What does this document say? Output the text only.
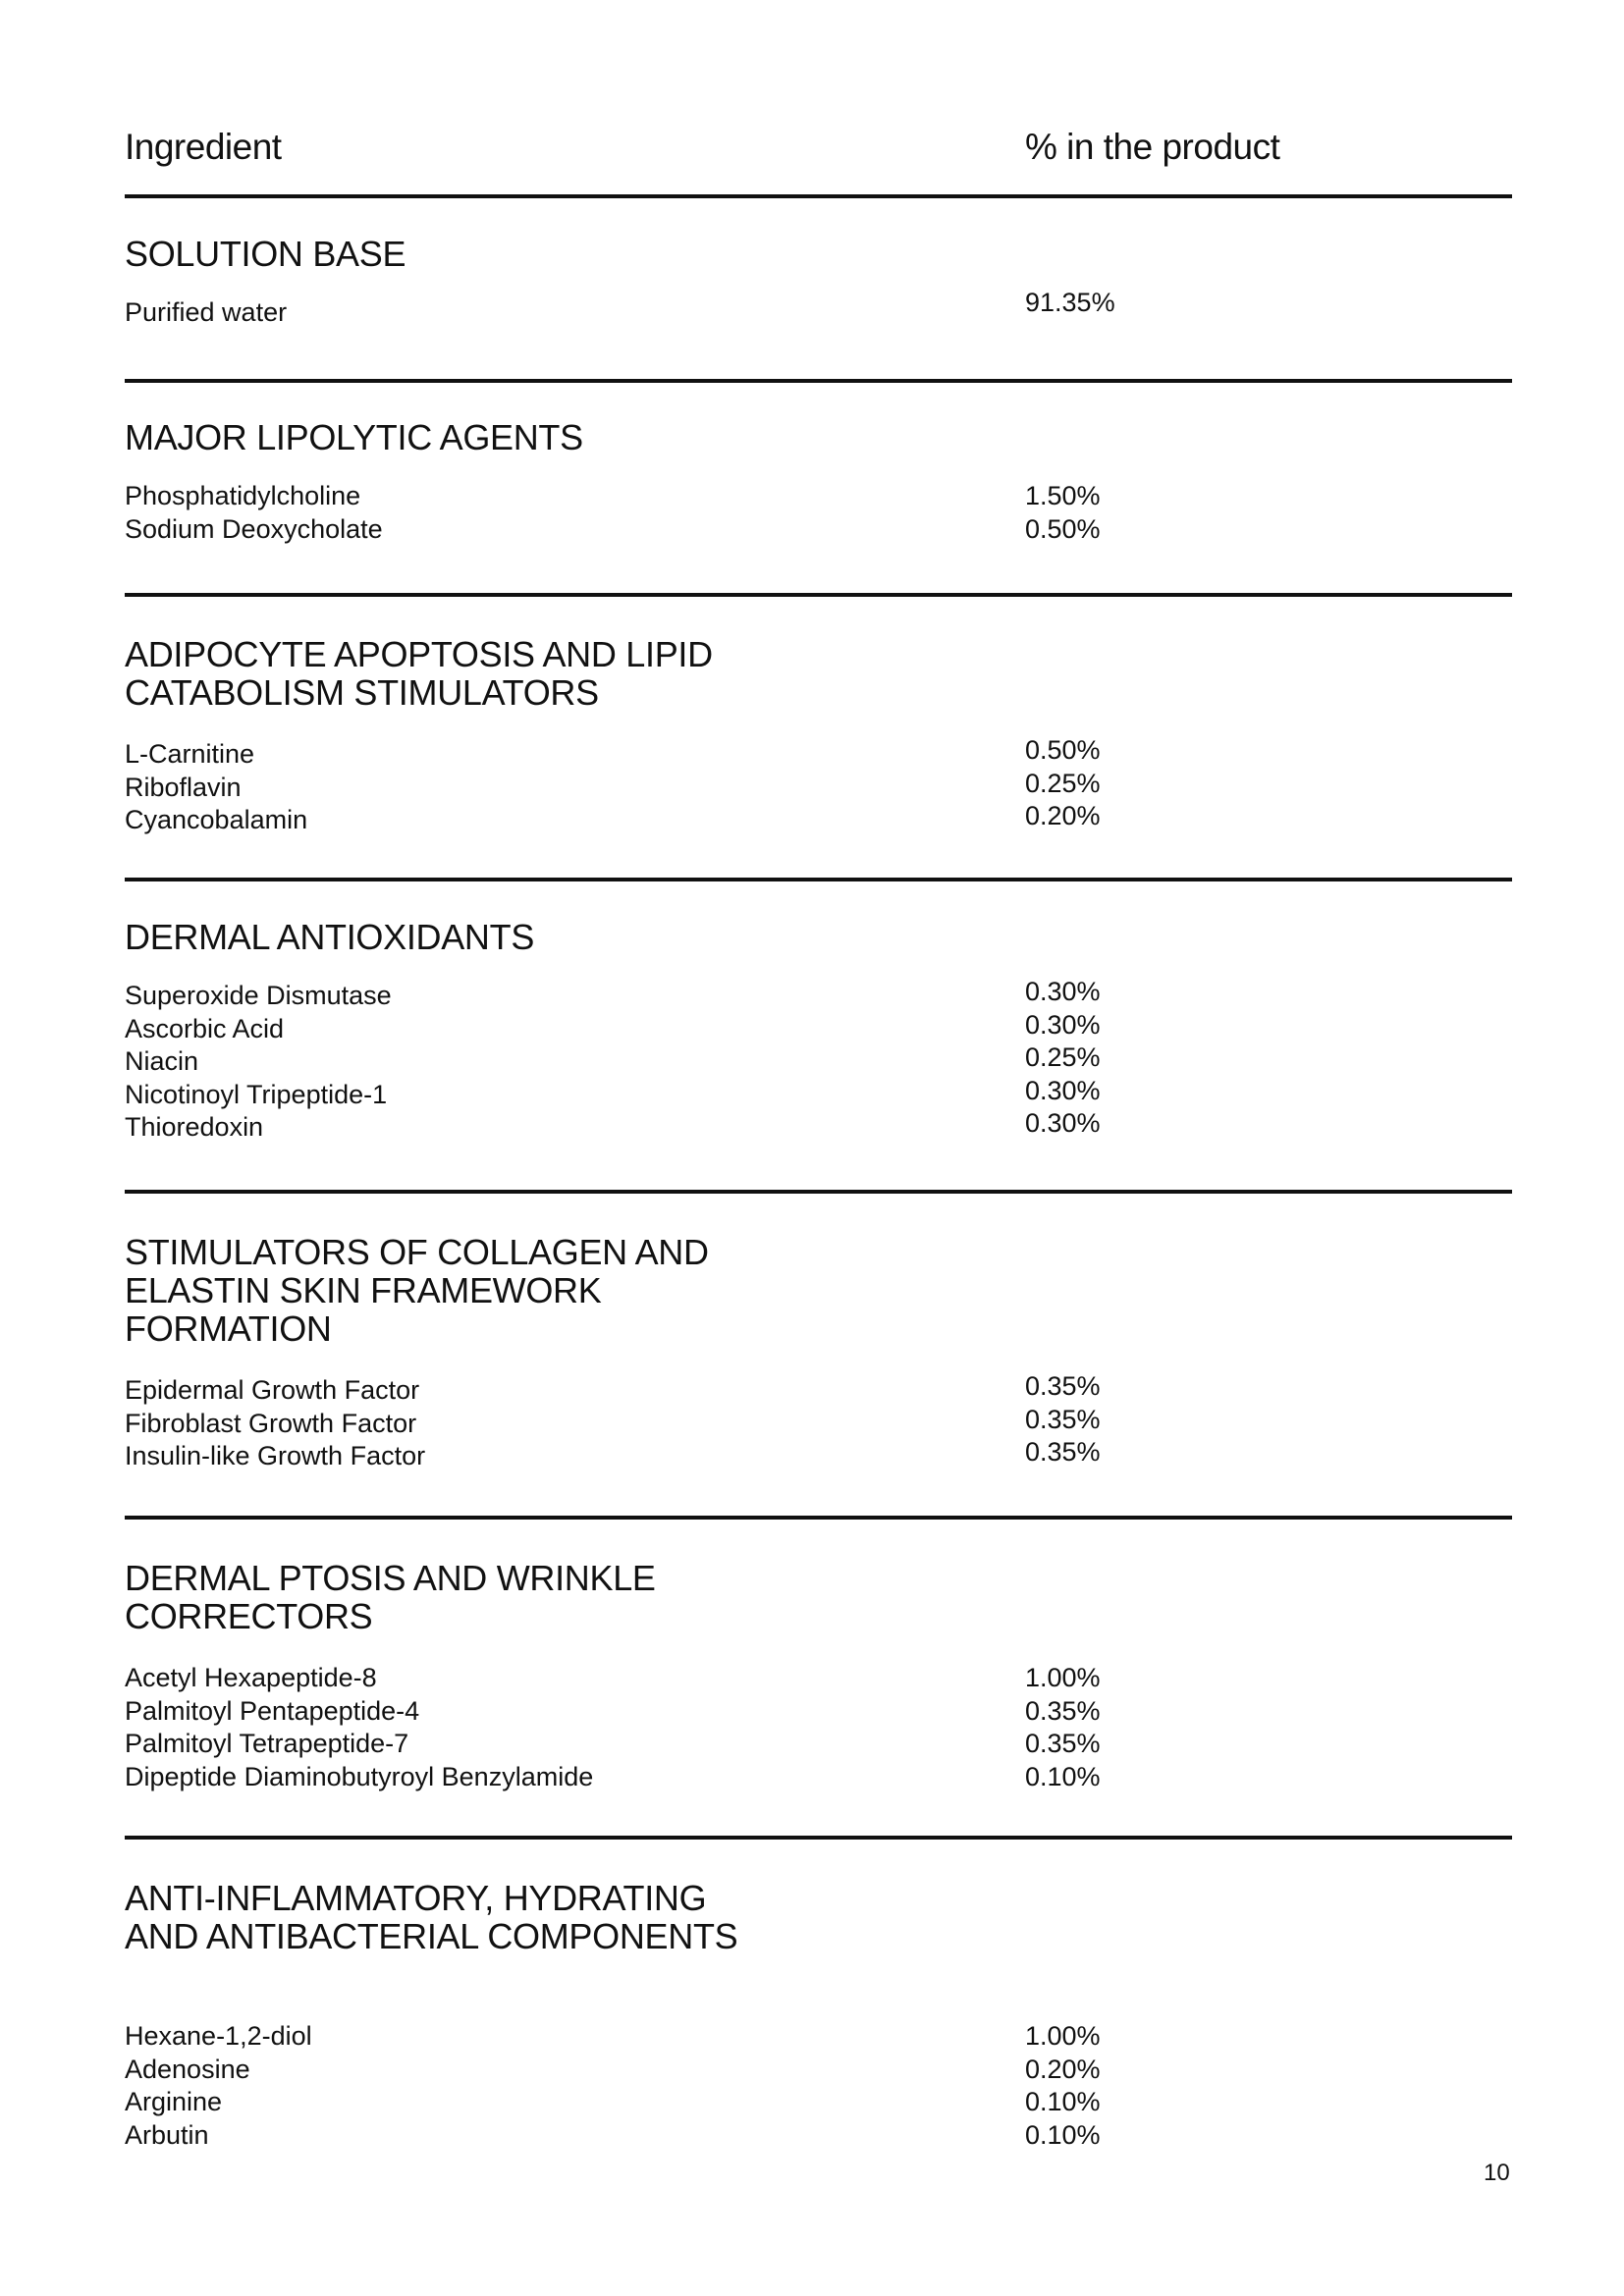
Ingredient	% in the product
SOLUTION BASE
Purified water	91.35%
MAJOR LIPOLYTIC AGENTS
Phosphatidylcholine	1.50%
Sodium Deoxycholate	0.50%
ADIPOCYTE APOPTOSIS AND LIPID CATABOLISM STIMULATORS
L-Carnitine	0.50%
Riboflavin	0.25%
Cyancobalamin	0.20%
DERMAL ANTIOXIDANTS
Superoxide Dismutase	0.30%
Ascorbic Acid	0.30%
Niacin	0.25%
Nicotinoyl Tripeptide-1	0.30%
Thioredoxin	0.30%
STIMULATORS OF COLLAGEN AND ELASTIN SKIN FRAMEWORK FORMATION
Epidermal Growth Factor	0.35%
Fibroblast Growth Factor	0.35%
Insulin-like Growth Factor	0.35%
DERMAL PTOSIS AND WRINKLE CORRECTORS
Acetyl Hexapeptide-8	1.00%
Palmitoyl Pentapeptide-4	0.35%
Palmitoyl Tetrapeptide-7	0.35%
Dipeptide Diaminobutyroyl Benzylamide	0.10%
ANTI-INFLAMMATORY, HYDRATING AND ANTIBACTERIAL COMPONENTS
Hexane-1,2-diol	1.00%
Adenosine	0.20%
Arginine	0.10%
Arbutin	0.10%
10
